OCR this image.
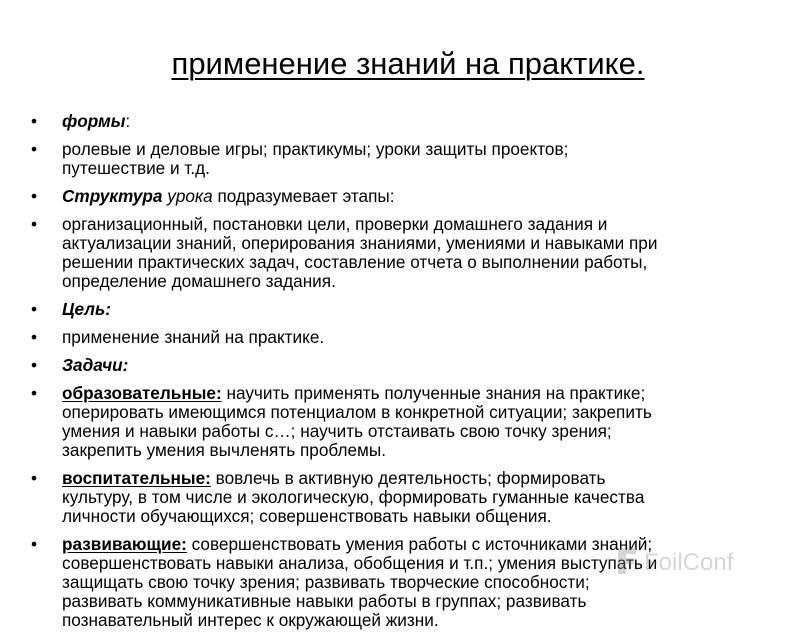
применение знаний на практике.
• формы:
• ролевые и деловые игры; практикумы; уроки защиты проектов;
путешествие и т.д.
• Структура урока подразумевает этапы:
• организационный, постановки цели, проверки домашнего задания и
актуализации знаний, оперирования знаниями, умениями и навыками при
решении практических задач, составление отчета о выполнении работы,
определение домашнего задания.
• Цель:
• применение знаний на практике.
• Задачи:
• образовательные: научить применять полученные знания на практике;
оперировать имеющимся потенциалом в конкретной ситуации; закрепить
умения и навыки работы с…; научить отстаивать свою точку зрения;
закрепить умения вычленять проблемы.
• воспитательные: вовлечь в активную деятельность; формировать
культуру, в том числе и экологическую, формировать гуманные качества
личности обучающихся; совершенствовать навыки общения.
• развивающие: совершенствовать умения работы с источниками знаний;
совершенствовать навыки анализа, обобщения и т.п.; умения выступать и
защищать свою точку зрения; развивать творческие способности;
развивать коммуникативные навыки работы в группах; развивать
познавательный интерес к окружающей жизни.
FoilConf
